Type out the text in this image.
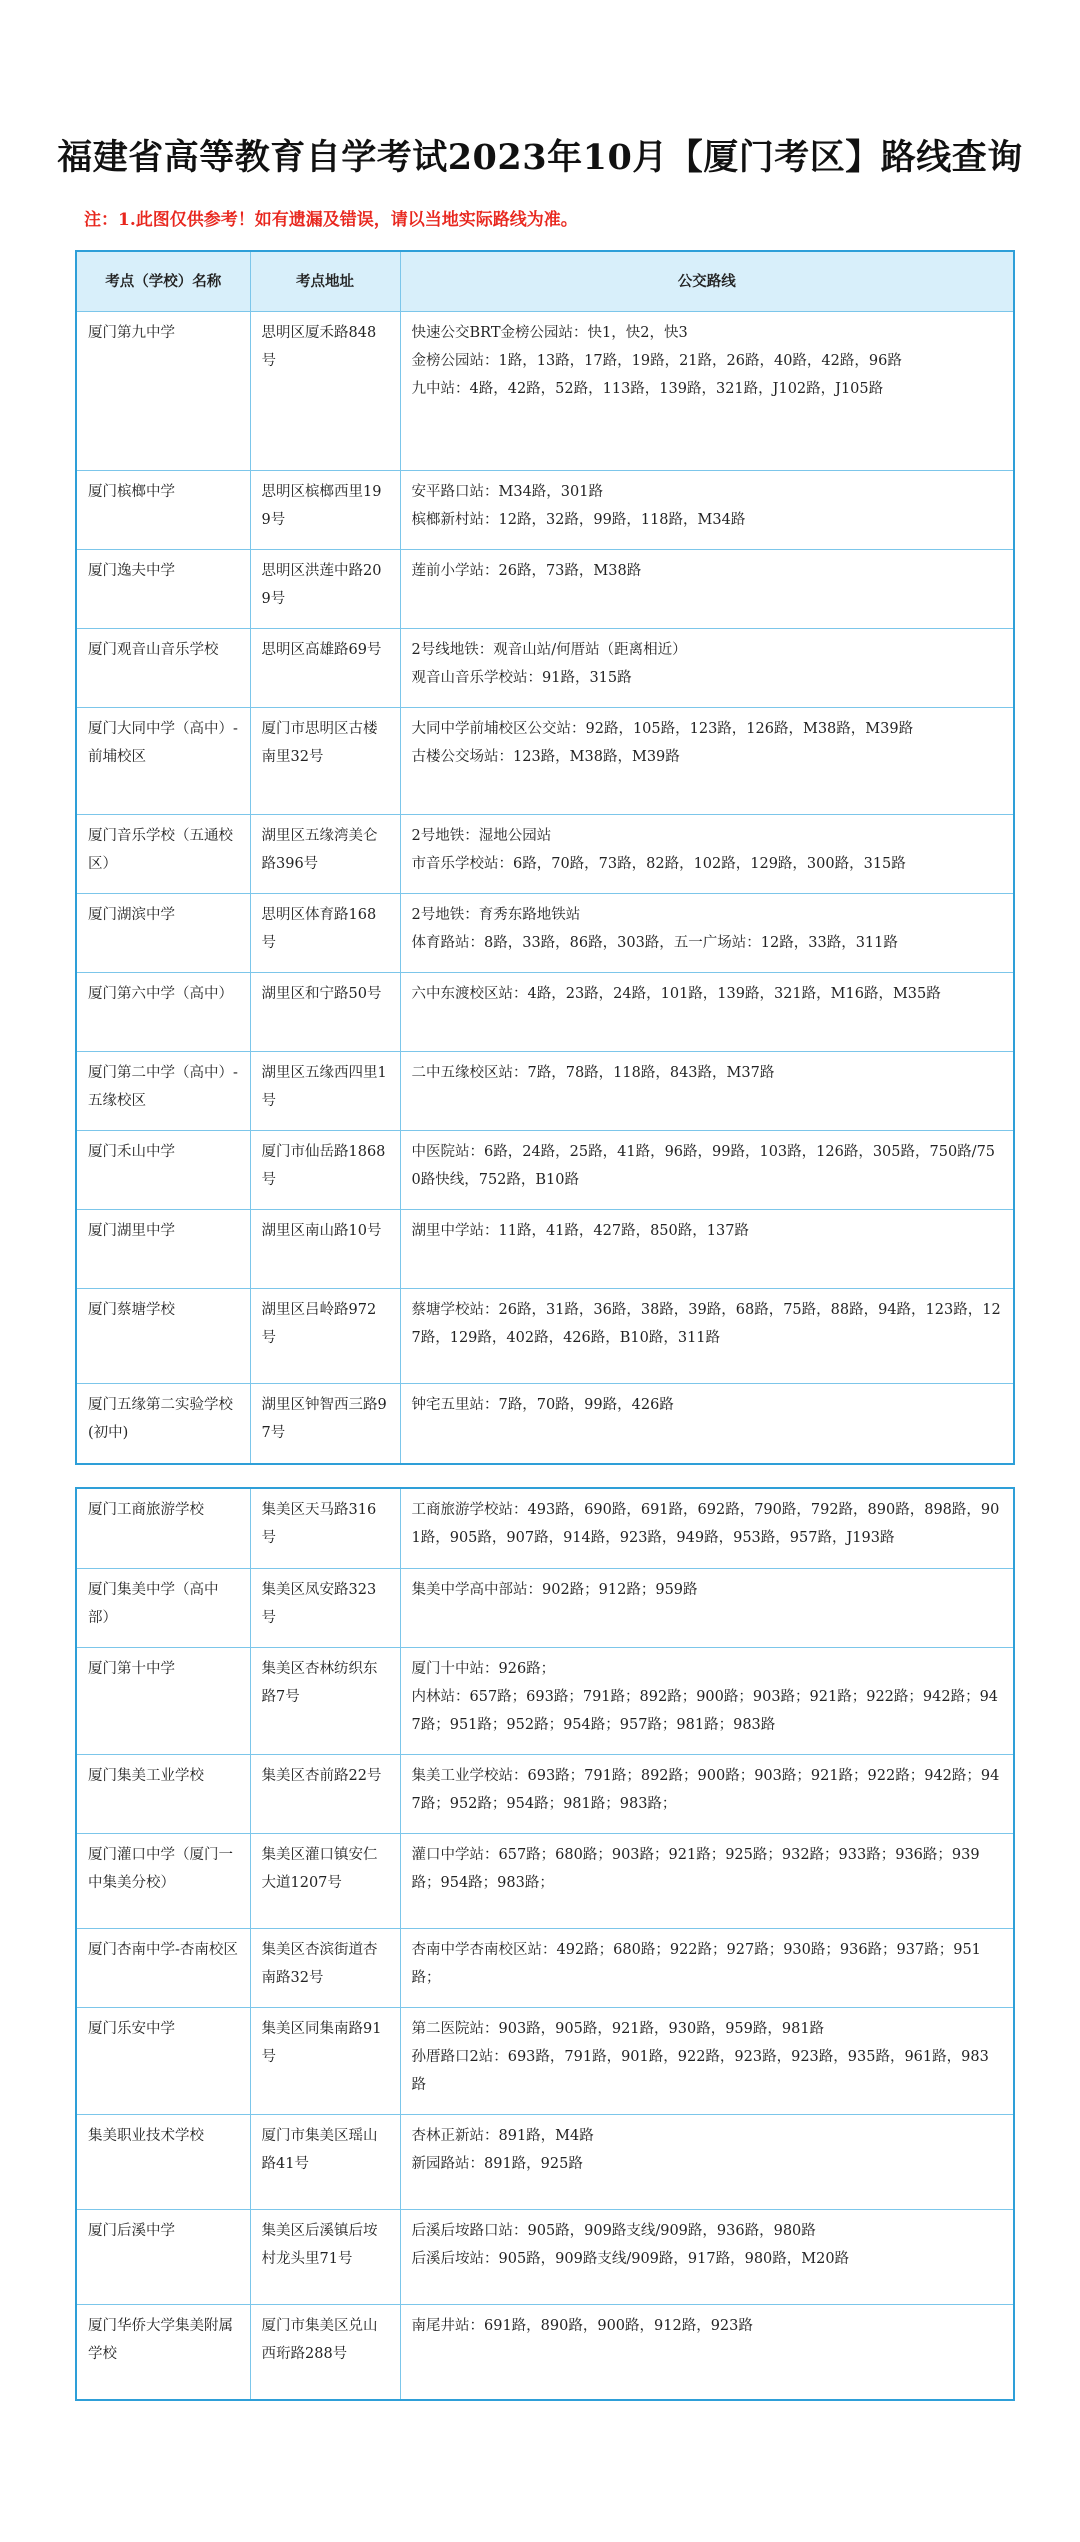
福建省高等教育自学考试2023年10月【厦门考区】路线查询
注：1.此图仅供参考！如有遗漏及错误，请以当地实际路线为准。
考点（学校）名称	考点地址	公交路线
厦门第九中学	思明区厦禾路848号	快速公交BRT金榜公园站：快1，快2，快3
金榜公园站：1路，13路，17路，19路，21路，26路，40路，42路，96路
九中站：4路，42路，52路，113路，139路，321路，J102路，J105路

厦门槟榔中学	思明区槟榔西里199号	安平路口站：M34路，301路
槟榔新村站：12路，32路，99路，118路，M34路

厦门逸夫中学	思明区洪莲中路209号	莲前小学站：26路，73路，M38路

厦门观音山音乐学校	思明区高雄路69号	2号线地铁：观音山站/何厝站（距离相近）
观音山音乐学校站：91路，315路

厦门大同中学（高中）-前埔校区	厦门市思明区古楼南里32号	大同中学前埔校区公交站：92路，105路，123路，126路，M38路，M39路
古楼公交场站：123路，M38路，M39路

厦门音乐学校（五通校区）	湖里区五缘湾美仑路396号	2号地铁：湿地公园站
市音乐学校站：6路，70路，73路，82路，102路，129路，300路，315路

厦门湖滨中学	思明区体育路168号	2号地铁：育秀东路地铁站
体育路站：8路，33路，86路，303路，五一广场站：12路，33路，311路

厦门第六中学（高中）	湖里区和宁路50号	六中东渡校区站：4路，23路，24路，101路，139路，321路，M16路，M35路

厦门第二中学（高中）-五缘校区	湖里区五缘西四里1号	二中五缘校区站：7路，78路，118路，843路，M37路

厦门禾山中学	厦门市仙岳路1868号	中医院站：6路，24路，25路，41路，96路，99路，103路，126路，305路，750路/750路快线，752路，B10路

厦门湖里中学	湖里区南山路10号	湖里中学站：11路，41路，427路，850路，137路

厦门蔡塘学校	湖里区吕岭路972号	蔡塘学校站：26路，31路，36路，38路，39路，68路，75路，88路，94路，123路，127路，129路，402路，426路，B10路，311路

厦门五缘第二实验学校(初中)	湖里区钟智西三路97号	钟宅五里站：7路，70路，99路，426路
厦门工商旅游学校	集美区天马路316号	工商旅游学校站：493路，690路，691路，692路，790路，792路，890路，898路，901路，905路，907路，914路，923路，949路，953路，957路，J193路

厦门集美中学（高中部）	集美区凤安路323号	集美中学高中部站：902路；912路；959路

厦门第十中学	集美区杏林纺织东路7号	厦门十中站：926路；
内林站：657路；693路；791路；892路；900路；903路；921路；922路；942路；947路；951路；952路；954路；957路；981路；983路

厦门集美工业学校	集美区杏前路22号	集美工业学校站：693路；791路；892路；900路；903路；921路；922路；942路；947路；952路；954路；981路；983路；

厦门灌口中学（厦门一中集美分校）	集美区灌口镇安仁大道1207号	灌口中学站：657路；680路；903路；921路；925路；932路；933路；936路；939路；954路；983路；

厦门杏南中学-杏南校区	集美区杏滨街道杏南路32号	杏南中学杏南校区站：492路；680路；922路；927路；930路；936路；937路；951路；

厦门乐安中学	集美区同集南路91号	第二医院站：903路，905路，921路，930路，959路，981路
孙厝路口2站：693路，791路，901路，922路，923路，923路，935路，961路，983路

集美职业技术学校	厦门市集美区瑶山路41号	杏林正新站：891路，M4路
新园路站：891路，925路

厦门后溪中学	集美区后溪镇后垵村龙头里71号	后溪后垵路口站：905路，909路支线/909路，936路，980路
后溪后垵站：905路，909路支线/909路，917路，980路，M20路

厦门华侨大学集美附属学校	厦门市集美区兑山西珩路288号	南尾井站：691路，890路，900路，912路，923路
